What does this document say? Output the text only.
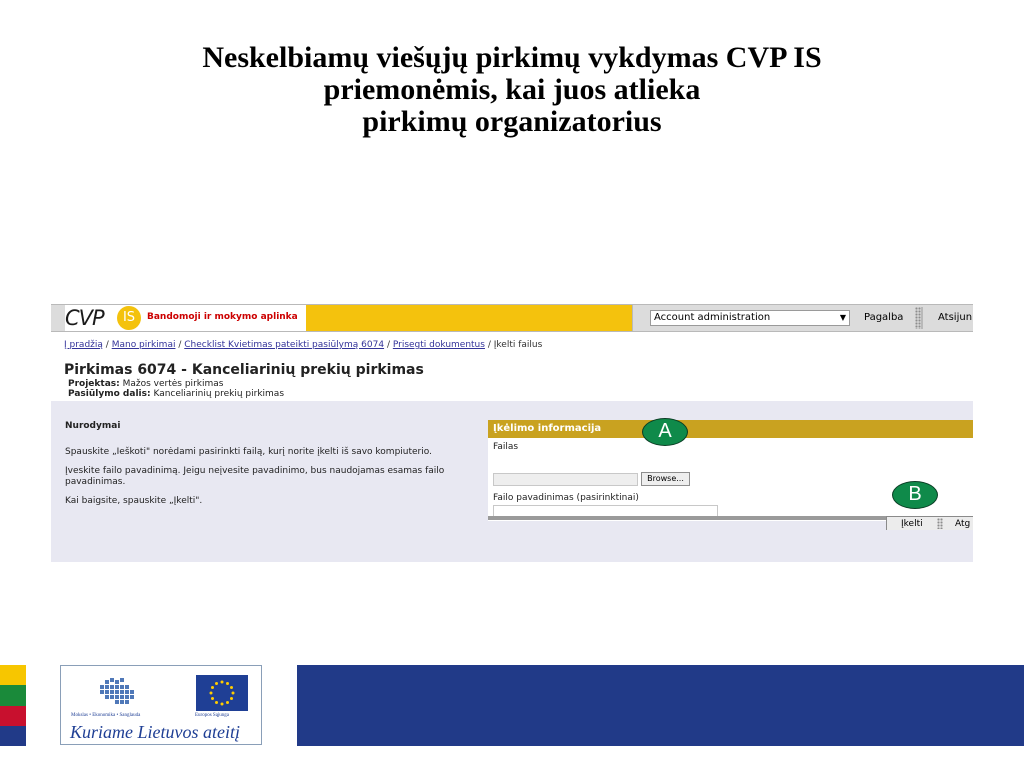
Neskelbiamų viešųjų pirkimų vykdymas CVP IS
priemonėmis, kai juos atlieka
pirkimų organizatorius
CVP	IS	Bandomoji ir mokymo aplinka	Account administration	▼ Pagalba	Atsijun
Į pradžią / Mano pirkimai / Checklist Kvietimas pateikti pasiūlymą 6074 / Prisegti dokumentus / Įkelti failus
Pirkimas 6074 - Kanceliarinių prekių pirkimas
Projektas: Mažos vertės pirkimas
Pasiūlymo dalis: Kanceliarinių prekių pirkimas
Nurodymai
Spauskite „Ieškoti" norėdami pasirinkti failą, kurį norite įkelti iš savo kompiuterio.
Įveskite failo pavadinimą. Jeigu neįvesite pavadinimo, bus naudojamas esamas failo pavadinimas.
Kai baigsite, spauskite „Įkelti".
Įkėlimo informacija
Failas
Browse...
Failo pavadinimas (pasirinktinai)
Įkelti	Atg
A
B
Mokslas • Ekonomika • Sanglauda	Europos Sąjunga
Kuriame Lietuvos ateitį
